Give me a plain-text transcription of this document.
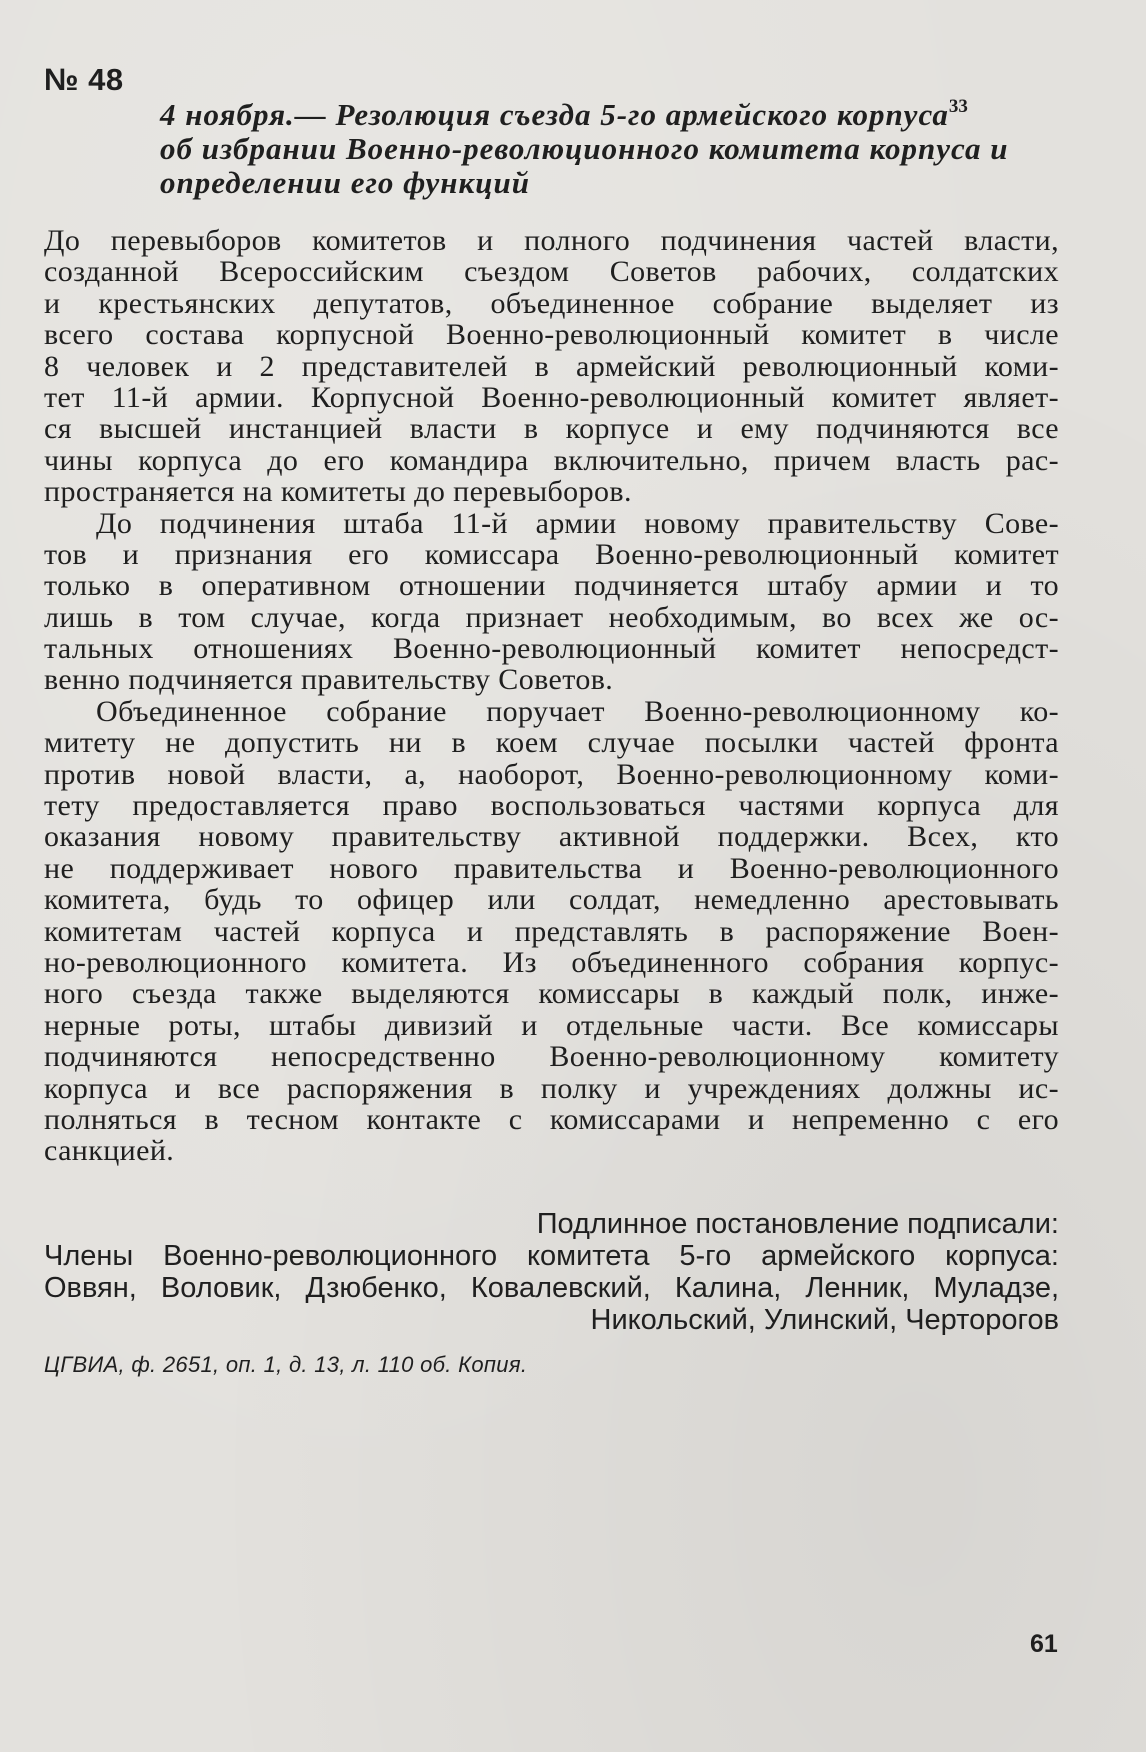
№ 48
4 ноября.— Резолюция съезда 5-го армейского корпуса$^{33}$
об избрании Военно-революционного комитета корпуса и
определении его функций
До перевыборов комитетов и полного подчинения частей власти,
созданной Всероссийским съездом Советов рабочих, солдатских
и крестьянских депутатов, объединенное собрание выделяет из
всего состава корпусной Военно-революционный комитет в числе
8 человек и 2 представителей в армейский революционный коми-
тет 11-й армии. Корпусной Военно-революционный комитет являет-
ся высшей инстанцией власти в корпусе и ему подчиняются все
чины корпуса до его командира включительно, причем власть рас-
пространяется на комитеты до перевыборов.
До подчинения штаба 11-й армии новому правительству Сове-
тов и признания его комиссара Военно-революционный комитет
только в оперативном отношении подчиняется штабу армии и то
лишь в том случае, когда признает необходимым, во всех же ос-
тальных отношениях Военно-революционный комитет непосредст-
венно подчиняется правительству Советов.
Объединенное собрание поручает Военно-революционному ко-
митету не допустить ни в коем случае посылки частей фронта
против новой власти, а, наоборот, Военно-революционному коми-
тету предоставляется право воспользоваться частями корпуса для
оказания новому правительству активной поддержки. Всех, кто
не поддерживает нового правительства и Военно-революционного
комитета, будь то офицер или солдат, немедленно арестовывать
комитетам частей корпуса и представлять в распоряжение Воен-
но-революционного комитета. Из объединенного собрания корпус-
ного съезда также выделяются комиссары в каждый полк, инже-
нерные роты, штабы дивизий и отдельные части. Все комиссары
подчиняются непосредственно Военно-революционному комитету
корпуса и все распоряжения в полку и учреждениях должны ис-
полняться в тесном контакте с комиссарами и непременно с его
санкцией.
Подлинное постановление подписали:
Члены Военно-революционного комитета 5-го армейского корпуса:
Оввян, Воловик, Дзюбенко, Ковалевский, Калина, Ленник, Муладзе,
Никольский, Улинский, Черторогов
ЦГВИА, ф. 2651, оп. 1, д. 13, л. 110 об. Копия.
61
